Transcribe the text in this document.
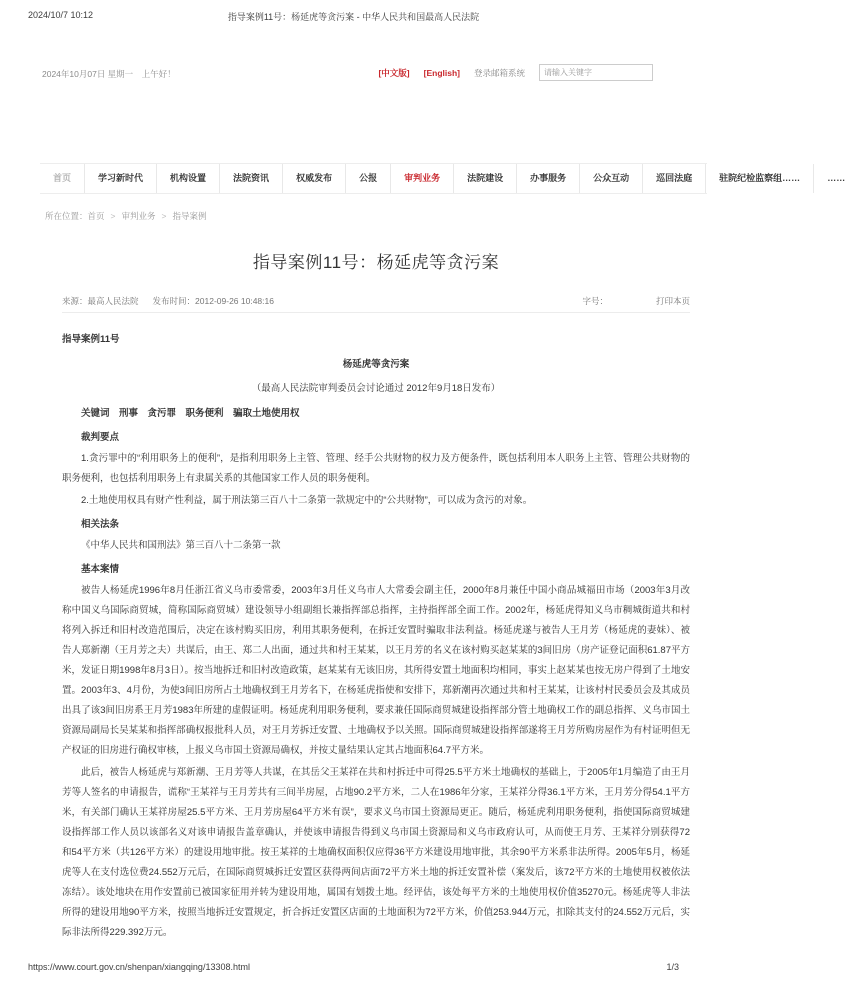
2024/10/7 10:12	指导案例11号：杨延虎等贪污案 - 中华人民共和国最高人民法院
2024年10月07日 星期一　上午好！	[中文版] [English] 登录邮箱系统
请输入关键字
首页	学习新时代	机构设置	法院资讯	权威发布	公报	审判业务	法院建设	办事服务	公众互动	巡回法庭	驻院纪检监察组……	……
所在位置：首页 > 审判业务 > 指导案例
指导案例11号：杨延虎等贪污案
来源：最高人民法院 发布时间：2012-09-26 10:48:16	字号：	打印本页
指导案例11号
杨延虎等贪污案
（最高人民法院审判委员会讨论通过 2012年9月18日发布）
关键词　刑事　贪污罪　职务便利　骗取土地使用权
裁判要点
1.贪污罪中的“利用职务上的便利”，是指利用职务上主管、管理、经手公共财物的权力及方便条件，既包括利用本人职务上主管、管理公共财物的职务便利，也包括利用职务上有隶属关系的其他国家工作人员的职务便利。
2.土地使用权具有财产性利益，属于刑法第三百八十二条第一款规定中的“公共财物”，可以成为贪污的对象。
相关法条
《中华人民共和国刑法》第三百八十二条第一款
基本案情
被告人杨延虎1996年8月任浙江省义乌市委常委，2003年3月任义乌市人大常委会副主任，2000年8月兼任中国小商品城福田市场（2003年3月改称中国义乌国际商贸城，简称国际商贸城）建设领导小组副组长兼指挥部总指挥，主持指挥部全面工作。2002年，杨延虎得知义乌市稠城街道共和村将列入拆迁和旧村改造范围后，决定在该村购买旧房，利用其职务便利，在拆迁安置时骗取非法利益。杨延虎遂与被告人王月芳（杨延虎的妻妹）、被告人郑新潮（王月芳之夫）共谋后，由王、郑二人出面，通过共和村王某某，以王月芳的名义在该村购买赵某某的3间旧房（房产证登记面积61.87平方米，发证日期1998年8月3日）。按当地拆迁和旧村改造政策，赵某某有无该旧房，其所得安置土地面积均相同，事实上赵某某也按无房户得到了土地安置。2003年3、4月份，为使3间旧房所占土地确权到王月芳名下，在杨延虎指使和安排下，郑新潮再次通过共和村王某某，让该村村民委员会及其成员出具了该3间旧房系王月芳1983年所建的虚假证明。杨延虎利用职务便利，要求兼任国际商贸城建设指挥部分管土地确权工作的副总指挥、义乌市国土资源局副局长吴某某和指挥部确权报批科人员，对王月芳拆迁安置、土地确权予以关照。国际商贸城建设指挥部遂将王月芳所购房屋作为有村证明但无产权证的旧房进行确权审核，上报义乌市国土资源局确权，并按丈量结果认定其占地面积64.7平方米。
此后，被告人杨延虎与郑新潮、王月芳等人共谋，在其岳父王某祥在共和村拆迁中可得25.5平方米土地确权的基础上，于2005年1月编造了由王月芳等人签名的申请报告，谎称“王某祥与王月芳共有三间半房屋，占地90.2平方米，二人在1986年分家，王某祥分得36.1平方米，王月芳分得54.1平方米，有关部门确认王某祥房屋25.5平方米、王月芳房屋64平方米有误”，要求义乌市国土资源局更正。随后，杨延虎利用职务便利，指使国际商贸城建设指挥部工作人员以该部名义对该申请报告盖章确认，并使该申请报告得到义乌市国土资源局和义乌市政府认可，从而使王月芳、王某祥分别获得72和54平方米（共126平方米）的建设用地审批。按王某祥的土地确权面积仅应得36平方米建设用地审批，其余90平方米系非法所得。2005年5月，杨延虎等人在支付选位费24.552万元后，在国际商贸城拆迁安置区获得两间店面72平方米土地的拆迁安置补偿（案发后，该72平方米的土地使用权被依法冻结）。该处地块在用作安置前已被国家征用并转为建设用地，属国有划拨土地。经评估，该处每平方米的土地使用权价值35270元。杨延虎等人非法所得的建设用地90平方米，按照当地拆迁安置规定，折合拆迁安置区店面的土地面积为72平方米，价值253.944万元，扣除其支付的24.552万元后，实际非法所得229.392万元。
https://www.court.gov.cn/shenpan/xiangqing/13308.html	1/3
